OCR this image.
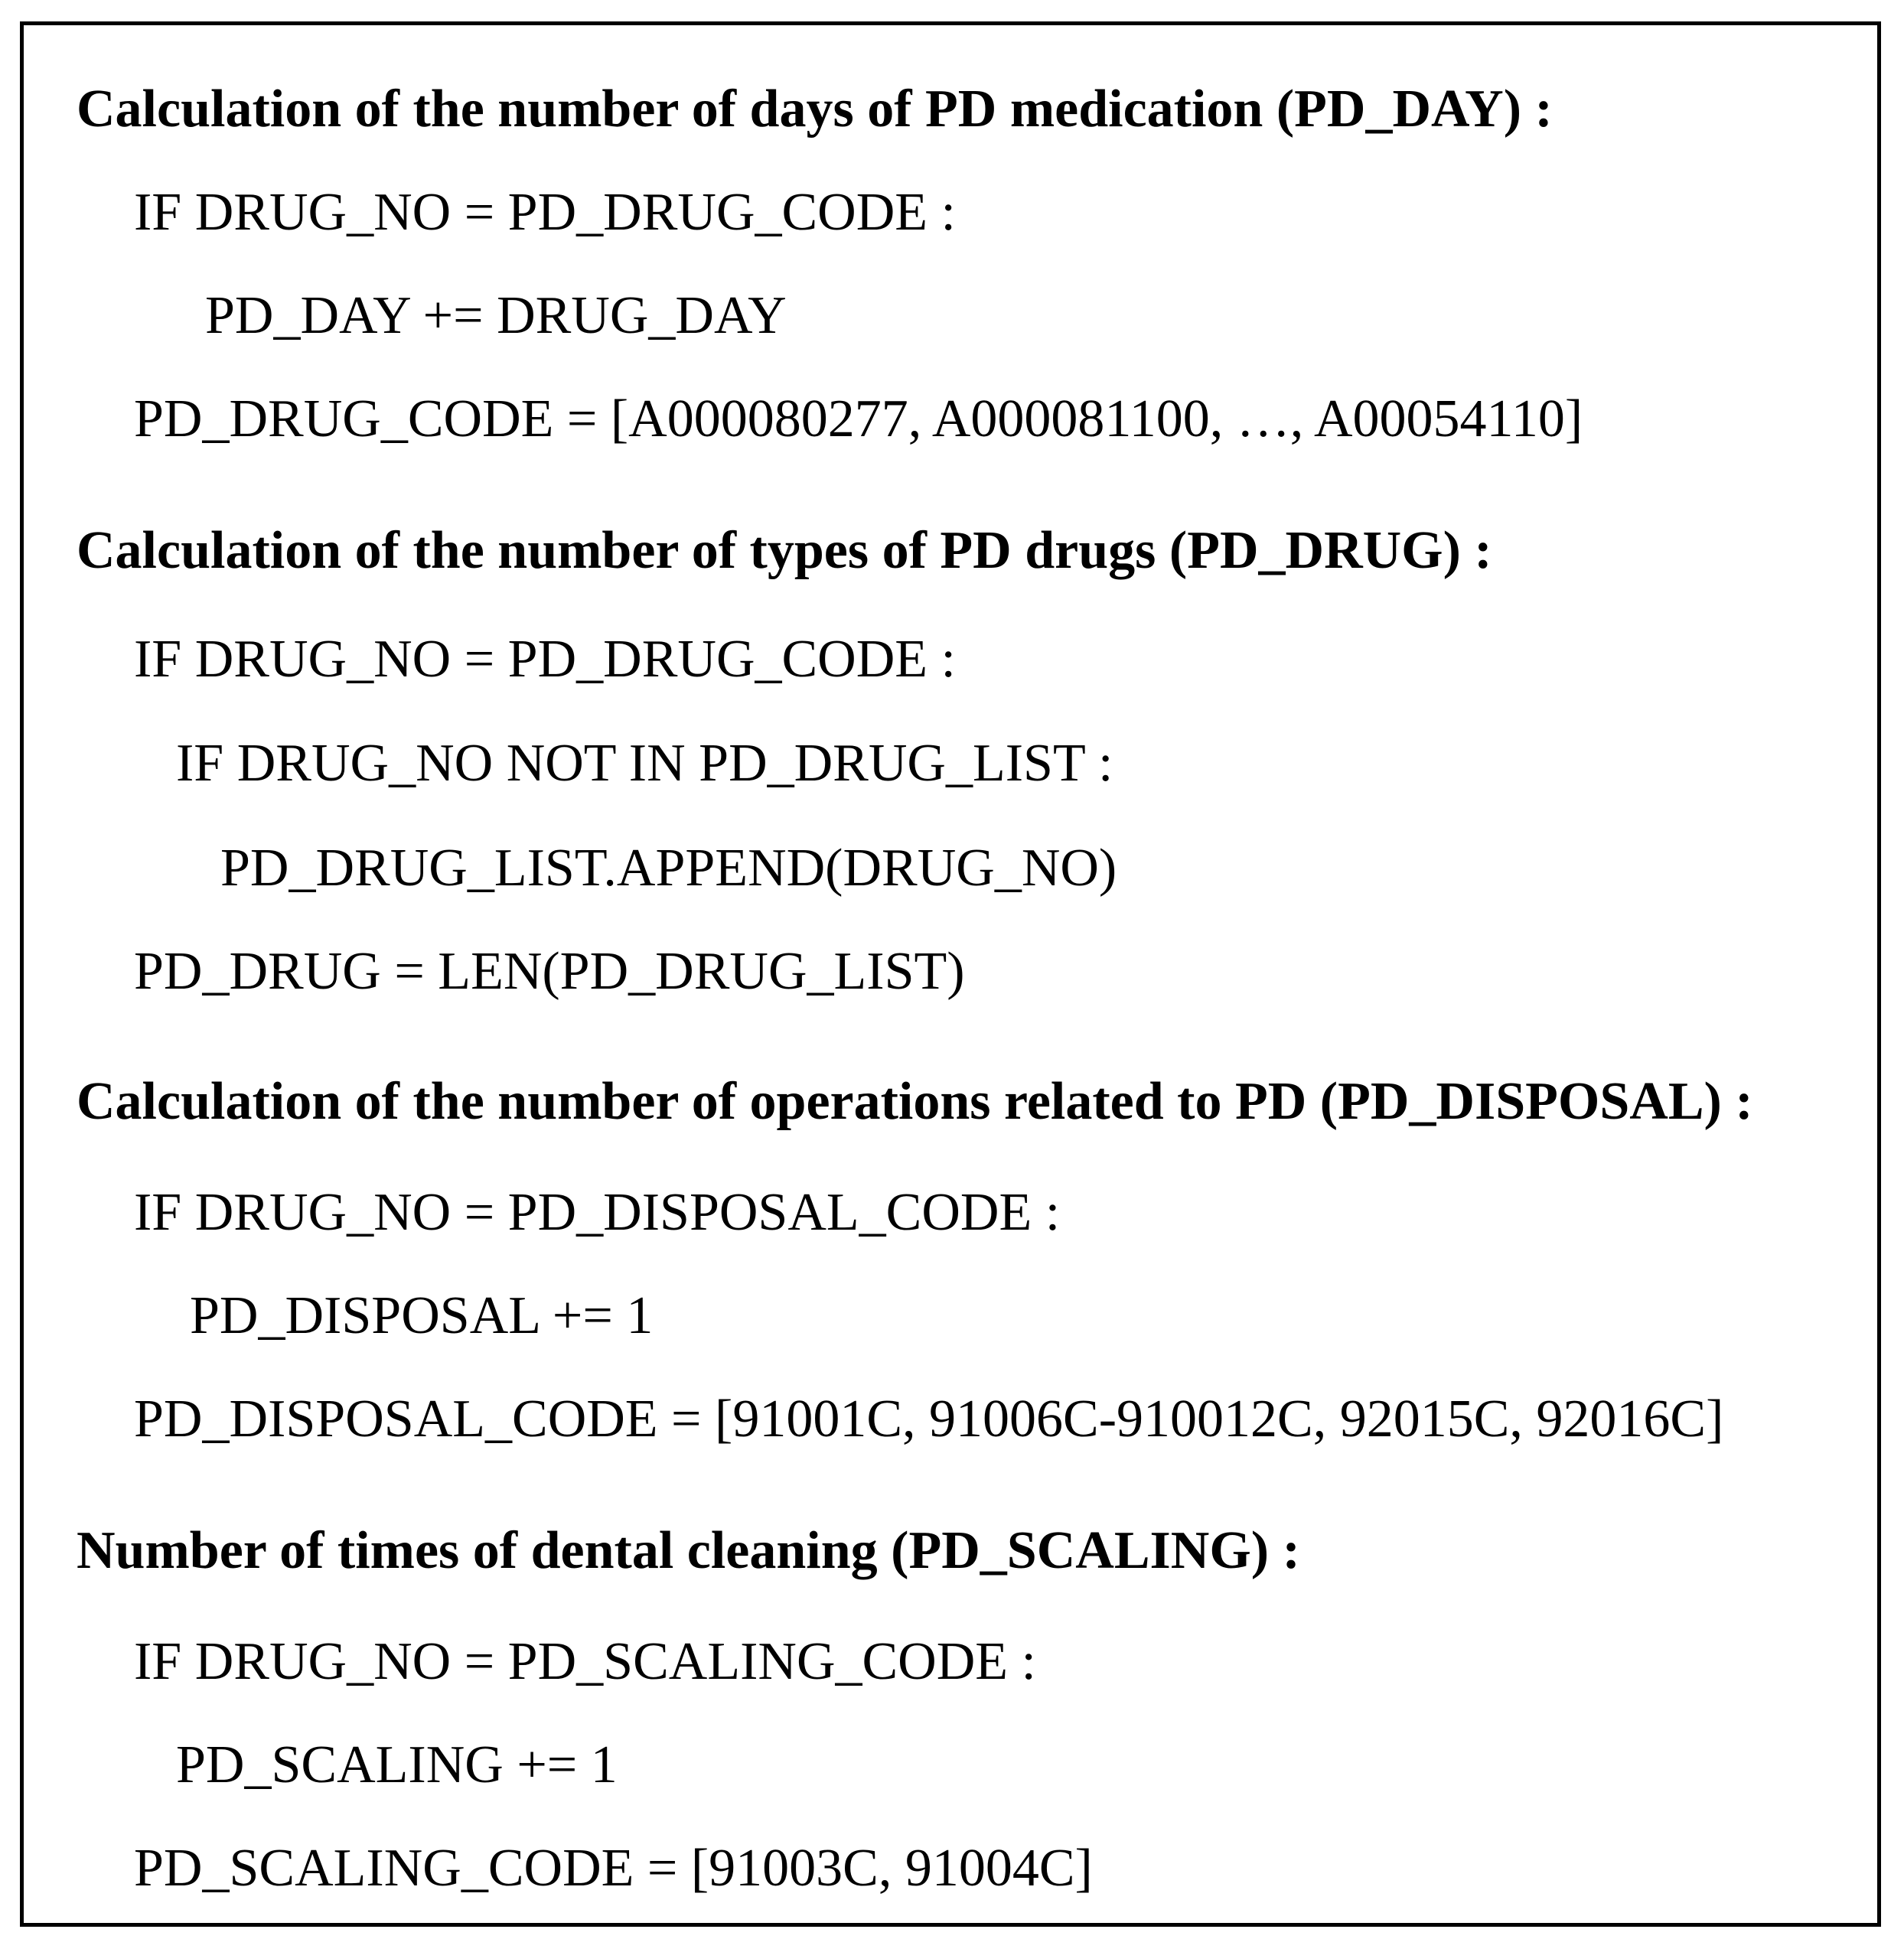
Calculation of the number of days of PD medication (PD_DAY) :
IF DRUG_NO = PD_DRUG_CODE :
PD_DAY += DRUG_DAY
PD_DRUG_CODE = [A000080277, A000081100, …, A00054110]
Calculation of the number of types of PD drugs (PD_DRUG) :
IF DRUG_NO = PD_DRUG_CODE :
IF DRUG_NO NOT IN PD_DRUG_LIST :
PD_DRUG_LIST.APPEND(DRUG_NO)
PD_DRUG = LEN(PD_DRUG_LIST)
Calculation of the number of operations related to PD (PD_DISPOSAL) :
IF DRUG_NO = PD_DISPOSAL_CODE :
PD_DISPOSAL += 1
PD_DISPOSAL_CODE = [91001C, 91006C-910012C, 92015C, 92016C]
Number of times of dental cleaning (PD_SCALING) :
IF DRUG_NO = PD_SCALING_CODE :
PD_SCALING += 1
PD_SCALING_CODE = [91003C, 91004C]
